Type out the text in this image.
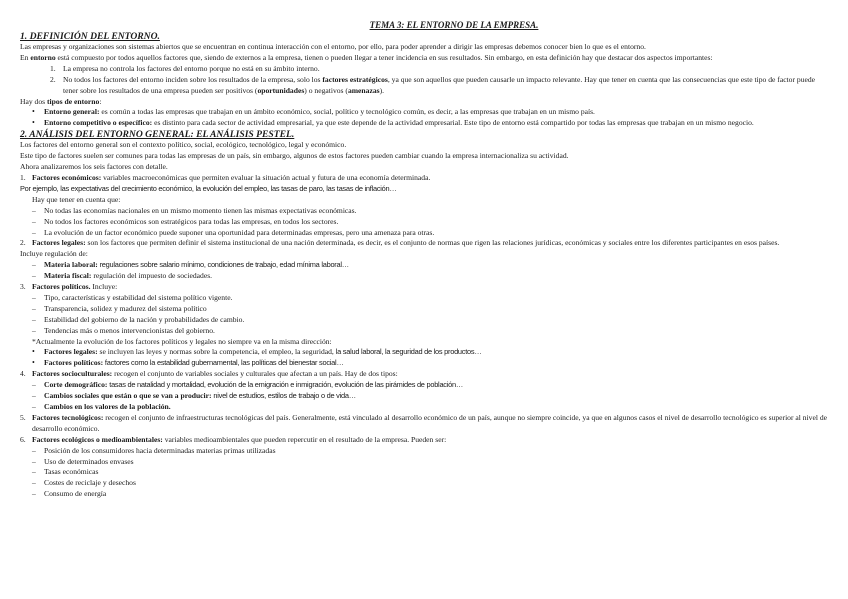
TEMA 3: EL ENTORNO DE LA EMPRESA.
1. DEFINICIÓN DEL ENTORNO.

Las empresas y organizaciones son sistemas abiertos que se encuentran en continua interacción con el entorno, por ello, para poder aprender a dirigir las empresas debemos conocer bien lo que es el entorno.

En entorno está compuesto por todos aquellos factores que, siendo de externos a la empresa, tienen o pueden llegar a tener incidencia en sus resultados. Sin embargo, en esta definición hay que destacar dos aspectos importantes:

1. La empresa no controla los factores del entorno porque no está en su ámbito interno.
2. No todos los factores del entorno inciden sobre los resultados de la empresa, solo los factores estratégicos, ya que son aquellos que pueden causarle un impacto relevante. Hay que tener en cuenta que las consecuencias que este tipo de factor puede tener sobre los resultados de una empresa pueden ser positivos (oportunidades) o negativos (amenazas).

Hay dos tipos de entorno:

•	Entorno general: es común a todas las empresas que trabajan en un ámbito económico, social, político y tecnológico común, es decir, a las empresas que trabajan en un mismo país.
•	Entorno competitivo o específico: es distinto para cada sector de actividad empresarial, ya que este depende de la actividad empresarial. Este tipo de entorno está compartido por todas las empresas que trabajan en un mismo negocio.
2. ANÁLISIS DEL ENTORNO GENERAL: EL ANÁLISIS PESTEL.

Los factores del entorno general son el contexto político, social, ecológico, tecnológico, legal y económico.

Este tipo de factores suelen ser comunes para todas las empresas de un país, sin embargo, algunos de estos factores pueden cambiar cuando la empresa internacionaliza su actividad.

Ahora analizaremos los seis factores con detalle.

1. Factores económicos: variables macroeconómicas que permiten evaluar la situación actual y futura de una economía determinada.
Por ejemplo, las expectativas del crecimiento económico, la evolución del empleo, las tasas de paro, las tasas de inflación…
Hay que tener en cuenta que:
–	No todas las economías nacionales en un mismo momento tienen las mismas expectativas económicas.
–	No todos los factores económicos son estratégicos para todas las empresas, en todos los sectores.
–	La evolución de un factor económico puede suponer una oportunidad para determinadas empresas, pero una amenaza para otras.
2. Factores legales: son los factores que permiten definir el sistema institucional de una nación determinada, es decir, es el conjunto de normas que rigen las relaciones jurídicas, económicas y sociales entre los diferentes participantes en esos países.
Incluye regulación de:
–	Materia laboral: regulaciones sobre salario mínimo, condiciones de trabajo, edad mínima laboral…
–	Materia fiscal: regulación del impuesto de sociedades.
3. Factores políticos. Incluye:
–	Tipo, características y estabilidad del sistema político vigente.
–	Transparencia, solidez y madurez del sistema político
–	Estabilidad del gobierno de la nación y probabilidades de cambio.
–	Tendencias más o menos intervencionistas del gobierno.
*Actualmente la evolución de los factores políticos y legales no siempre va en la misma dirección:
•	Factores legales: se incluyen las leyes y normas sobre la competencia, el empleo, la seguridad, la salud laboral, la seguridad de los productos…
•	Factores políticos: factores como la estabilidad gubernamental, las políticas del bienestar social…
4. Factores socioculturales: recogen el conjunto de variables sociales y culturales que afectan a un país. Hay de dos tipos:
–	Corte demográfico: tasas de natalidad y mortalidad, evolución de la emigración e inmigración, evolución de las pirámides de población…
–	Cambios sociales que están o que se van a producir: nivel de estudios, estilos de trabajo o de vida…
–	Cambios en los valores de la población.
5. Factores tecnológicos: recogen el conjunto de infraestructuras tecnológicas del país. Generalmente, está vinculado al desarrollo económico de un país, aunque no siempre coincide, ya que en algunos casos el nivel de desarrollo tecnológico es superior al nivel de desarrollo económico.
6. Factores ecológicos o medioambientales: variables medioambientales que pueden repercutir en el resultado de la empresa. Pueden ser:
–	Posición de los consumidores hacia determinadas materias primas utilizadas
–	Uso de determinados envases
–	Tasas económicas
–	Costes de reciclaje y desechos
–	Consumo de energía
